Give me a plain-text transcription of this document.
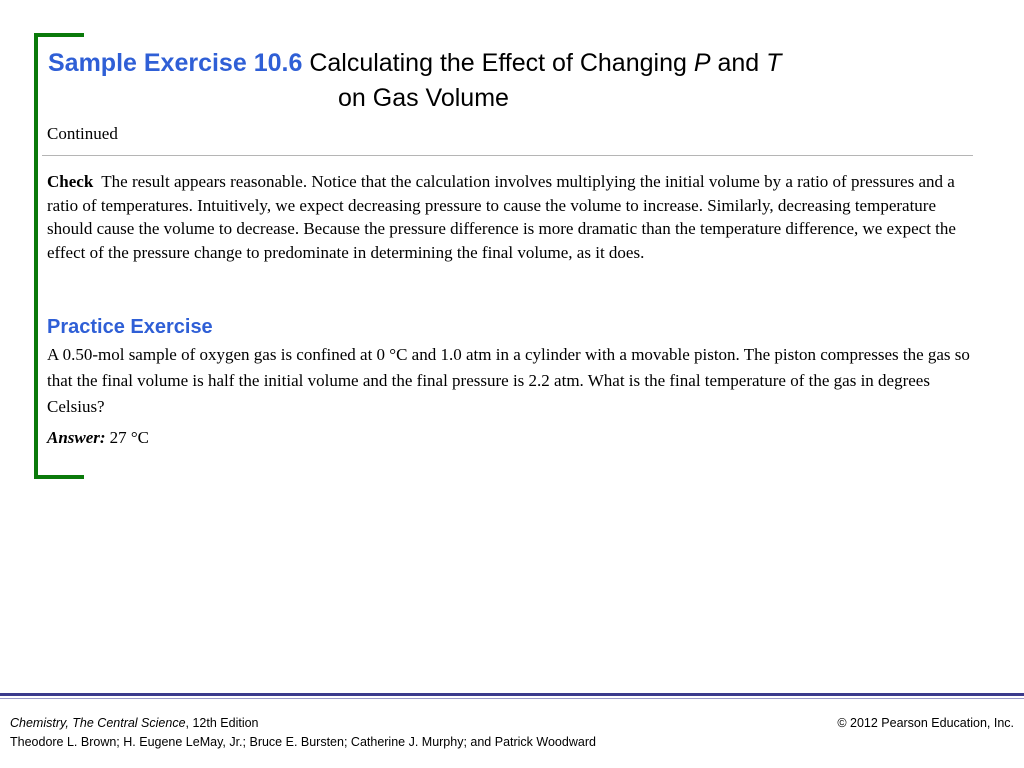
Sample Exercise 10.6 Calculating the Effect of Changing P and T
on Gas Volume
Continued
Check The result appears reasonable. Notice that the calculation involves multiplying the initial volume by a ratio of pressures and a ratio of temperatures. Intuitively, we expect decreasing pressure to cause the volume to increase. Similarly, decreasing temperature should cause the volume to decrease. Because the pressure difference is more dramatic than the temperature difference, we expect the effect of the pressure change to predominate in determining the final volume, as it does.
Practice Exercise
A 0.50-mol sample of oxygen gas is confined at 0 °C and 1.0 atm in a cylinder with a movable piston. The piston compresses the gas so that the final volume is half the initial volume and the final pressure is 2.2 atm. What is the final temperature of the gas in degrees Celsius?
Answer: 27 °C
Chemistry, The Central Science, 12th Edition
Theodore L. Brown; H. Eugene LeMay, Jr.; Bruce E. Bursten; Catherine J. Murphy; and Patrick Woodward
© 2012 Pearson Education, Inc.
